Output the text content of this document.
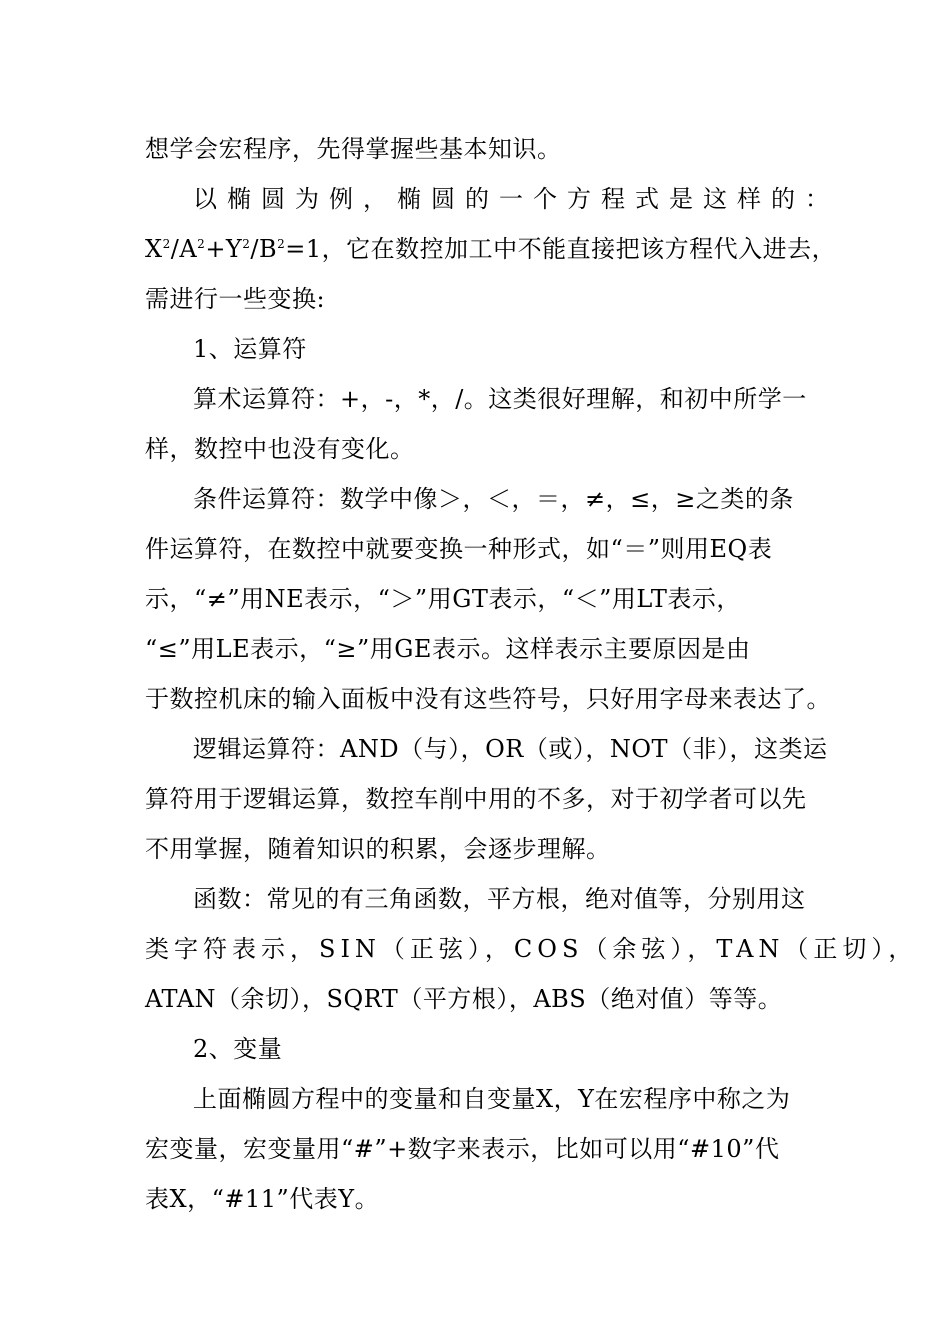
想学会宏程序，先得掌握些基本知识。
以椭圆为例，椭圆的一个方程式是这样的：
$X^2/A^2+Y^2/B^2=1$，它在数控加工中不能直接把该方程代入进去，
需进行一些变换:
1、运算符
算术运算符：+，-，*，/。这类很好理解，和初中所学一
样，数控中也没有变化。
条件运算符：数学中像＞，＜，＝，≠，≤，≥之类的条
件运算符，在数控中就要变换一种形式，如“＝”则用EQ表
示，“≠”用NE表示，“＞”用GT表示，“＜”用LT表示，
“≤”用LE表示，“≥”用GE表示。这样表示主要原因是由
于数控机床的输入面板中没有这些符号，只好用字母来表达了。
逻辑运算符：AND（与），OR（或），NOT（非），这类运
算符用于逻辑运算，数控车削中用的不多，对于初学者可以先
不用掌握，随着知识的积累，会逐步理解。
函数：常见的有三角函数，平方根，绝对值等，分别用这
类字符表示，SIN（正弦），COS（余弦），TAN（正切），
ATAN（余切），SQRT（平方根），ABS（绝对值）等等。
2、变量
上面椭圆方程中的变量和自变量X，Y在宏程序中称之为
宏变量，宏变量用“#”+数字来表示，比如可以用“#10”代
表X，“#11”代表Y。
